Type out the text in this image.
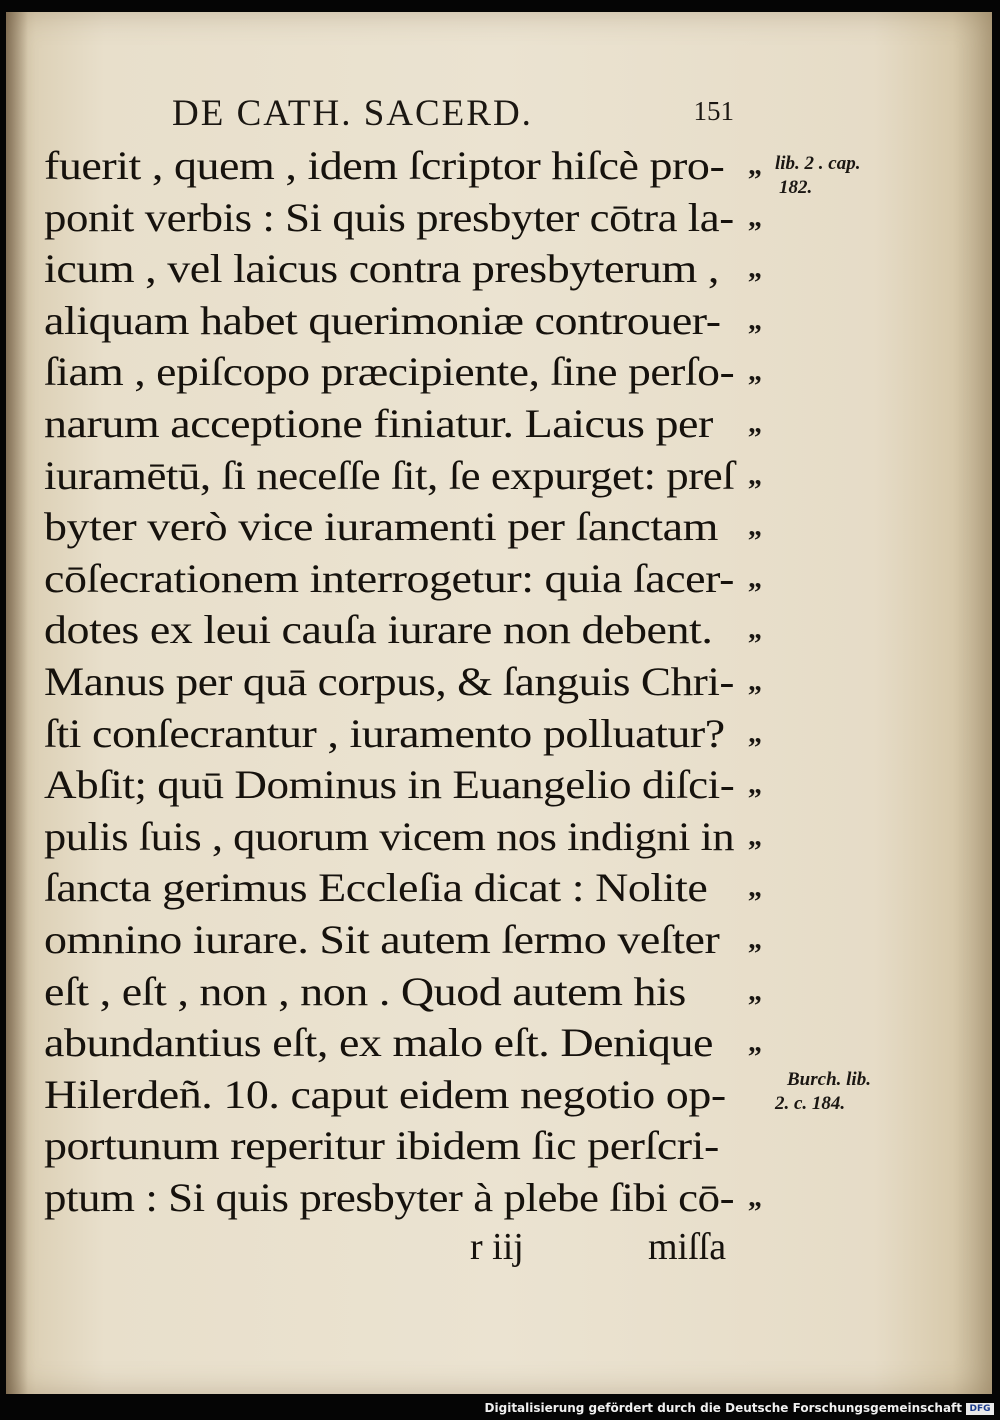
DE CATH. SACERD.	151
fuerit , quem , idem ſcriptor hiſcè pro- „
ponit verbis : Si quis presbyter cōtra la- „
icum , vel laicus contra presbyterum , „
aliquam habet querimoniæ controuer- „
ſiam , epiſcopo præcipiente, ſine perſo- „
narum acceptione finiatur. Laicus per „
iuramētū, ſi neceſſe ſit, ſe expurget: preſ „
byter verò vice iuramenti per ſanctam „
cōſecrationem interrogetur: quia ſacer- „
dotes ex leui cauſa iurare non debent. „
Manus per quā corpus, & ſanguis Chri- „
ſti conſecrantur , iuramento polluatur? „
Abſit; quū Dominus in Euangelio diſci- „
pulis ſuis , quorum vicem nos indigni in „
ſancta gerimus Eccleſia dicat : Nolite „
omnino iurare. Sit autem ſermo veſter „
eſt , eſt , non , non . Quod autem his „
abundantius eſt, ex malo eſt. Denique „
Hilerdeñ. 10. caput eidem negotio op-
portunum reperitur ibidem ſic perſcri-
ptum : Si quis presbyter à plebe ſibi cō- „
lib. 2 . cap.
182.
Burch. lib.
2. c. 184.
r iij	miſſa
Digitalisierung gefördert durch die Deutsche Forschungsgemeinschaft DFG
